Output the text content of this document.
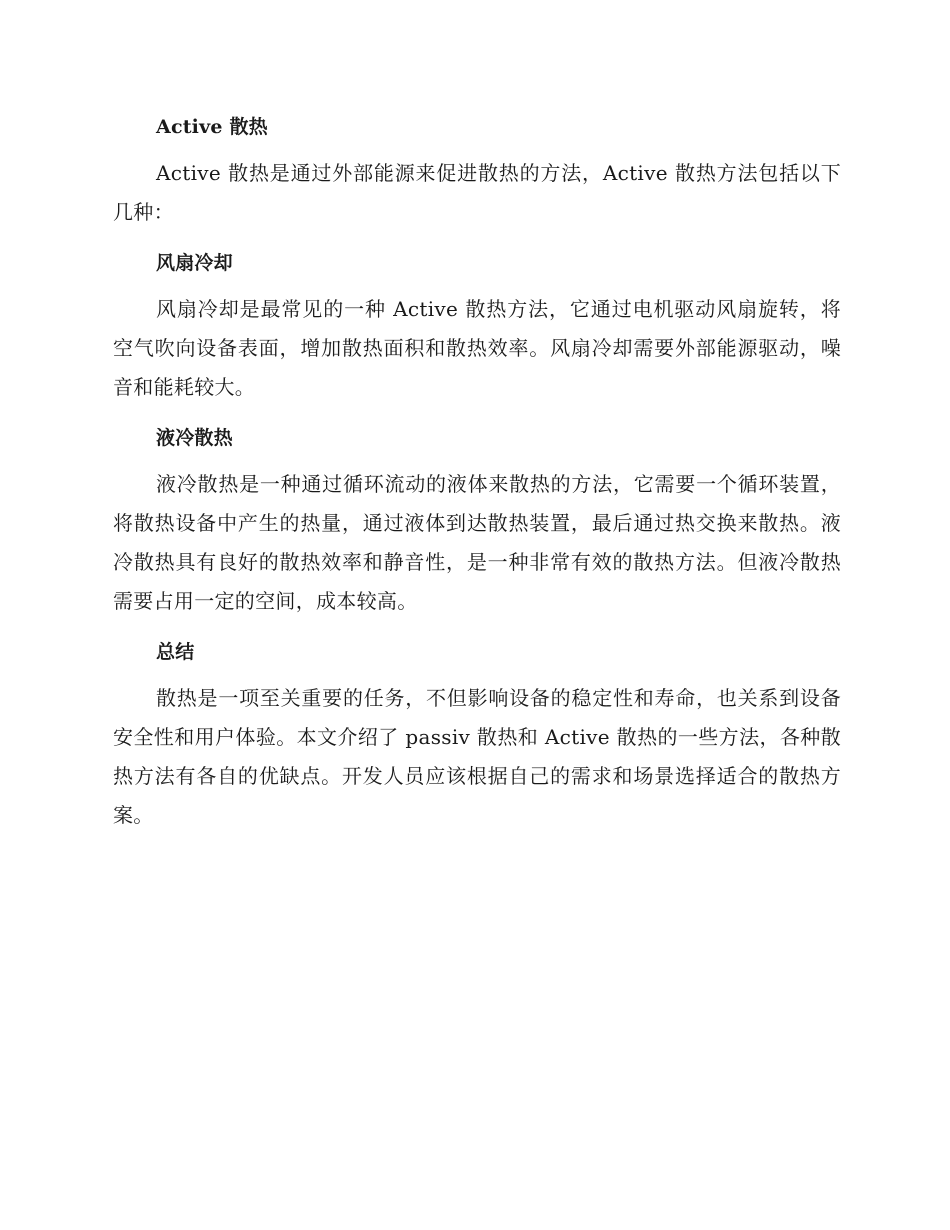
Active 散热

Active 散热是通过外部能源来促进散热的方法，Active 散热方法包括以下几种：

风扇冷却

风扇冷却是最常见的一种 Active 散热方法，它通过电机驱动风扇旋转，将空气吹向设备表面，增加散热面积和散热效率。风扇冷却需要外部能源驱动，噪音和能耗较大。

液冷散热

液冷散热是一种通过循环流动的液体来散热的方法，它需要一个循环装置，将散热设备中产生的热量，通过液体到达散热装置，最后通过热交换来散热。液冷散热具有良好的散热效率和静音性，是一种非常有效的散热方法。但液冷散热需要占用一定的空间，成本较高。

总结

散热是一项至关重要的任务，不但影响设备的稳定性和寿命，也关系到设备安全性和用户体验。本文介绍了 passiv 散热和 Active 散热的一些方法，各种散热方法有各自的优缺点。开发人员应该根据自己的需求和场景选择适合的散热方案。
